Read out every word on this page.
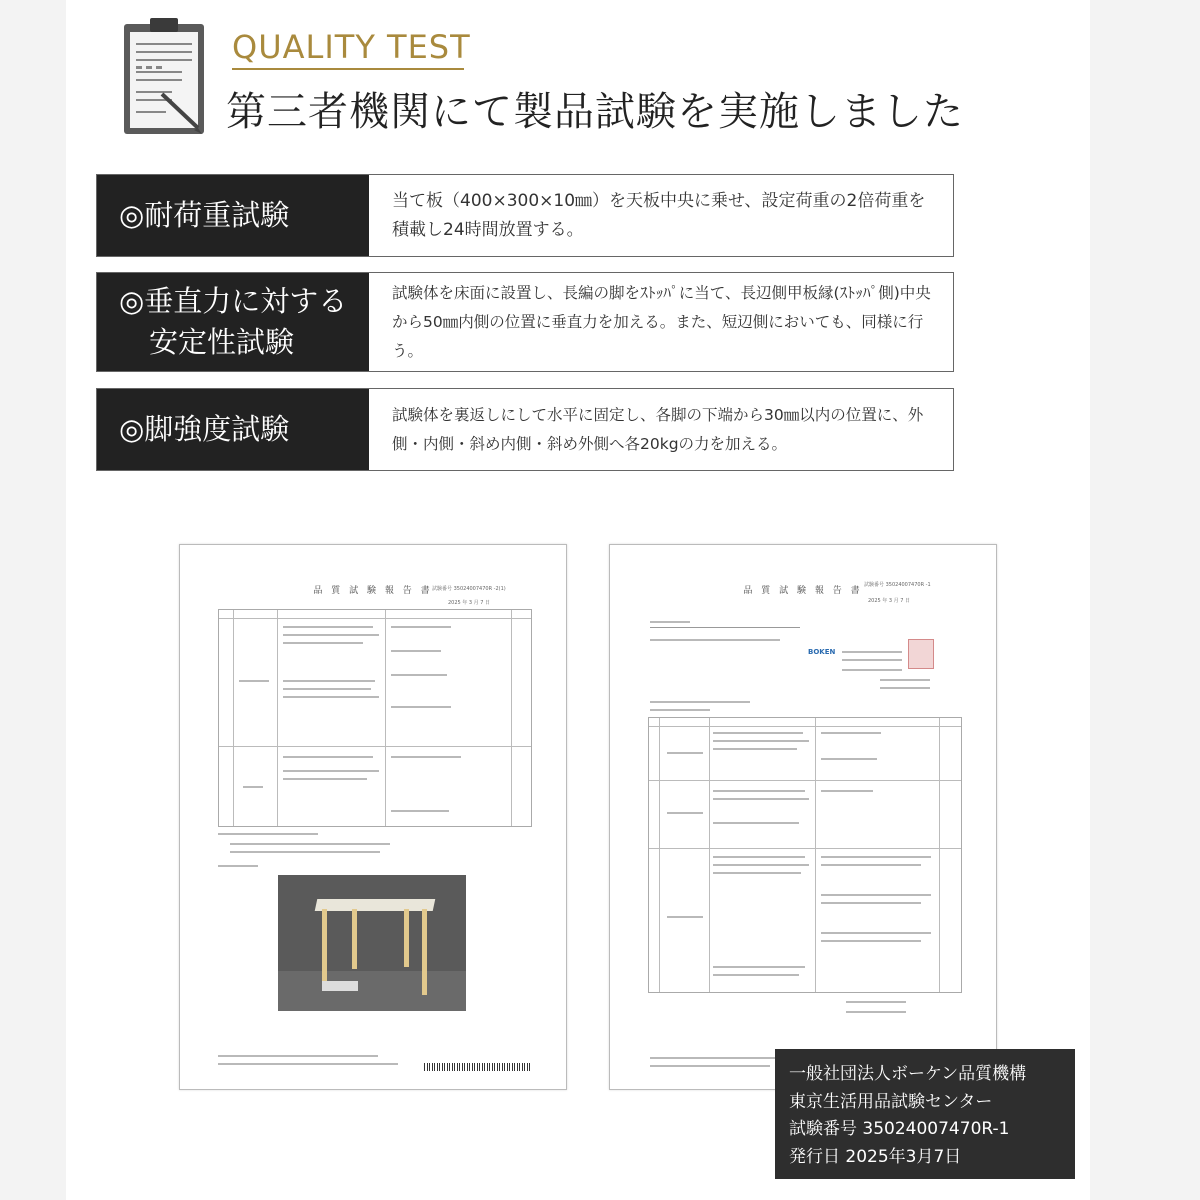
QUALITY TEST
第三者機関にて製品試験を実施しました
◎耐荷重試験	当て板（400×300×10㎜）を天板中央に乗せ、設定荷重の2倍荷重を積載し24時間放置する。
◎垂直力に対する
安定性試験
試験体を床面に設置し、長編の脚をｽﾄｯﾊﾟに当て、長辺側甲板縁(ｽﾄｯﾊﾟ側)中央から50㎜内側の位置に垂直力を加える。また、短辺側においても、同様に行う。
◎脚強度試験	試験体を裏返しにして水平に固定し、各脚の下端から30㎜以内の位置に、外側・内側・斜め内側・斜め外側へ各20kgの力を加える。
品 質 試 験 報 告 書 試験番号 35024007470R -2(1)
2025 年 3 月 7 日
品 質 試 験 報 告 書
試験番号 35024007470R -1
2025 年 3 月 7 日
BOKEN
一般社団法人ボーケン品質機構
東京生活用品試験センター
試験番号 35024007470R-1
発行日 2025年3月7日
